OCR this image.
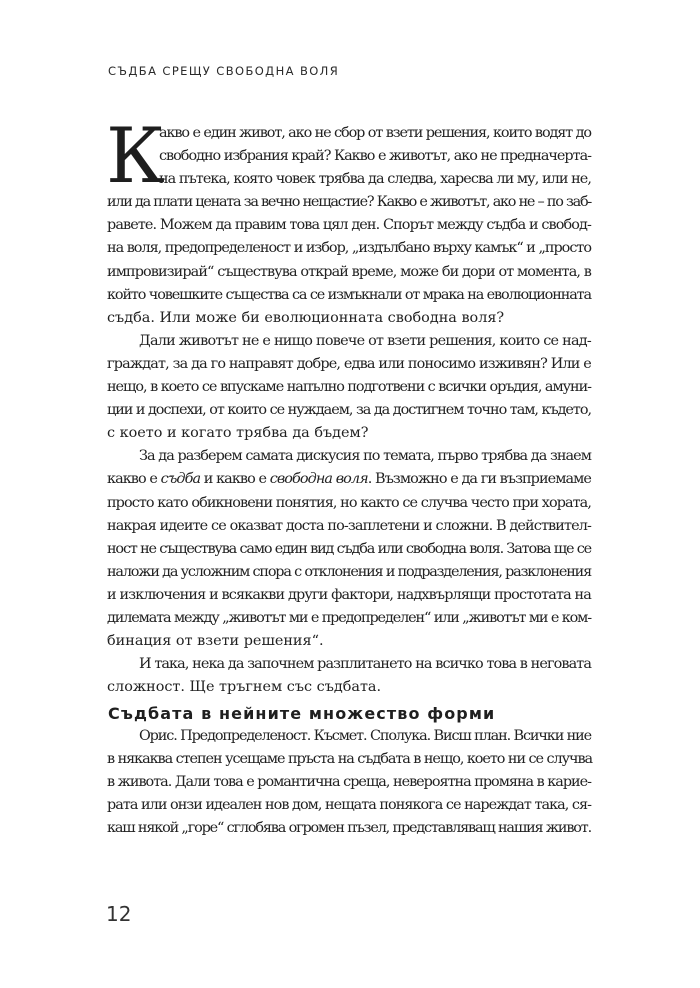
СЪДБА СРЕЩУ СВОБОДНА ВОЛЯ
К
акво е един живот, ако не сбор от взети решения, които водят до
свободно избрания край? Какво е животът, ако не предначерта-
на пътека, която човек трябва да следва, харесва ли му, или не,
или да плати цената за вечно нещастие? Какво е животът, ако не – по заб-
равете. Можем да правим това цял ден. Спорът между съдба и свобод-
на воля, предопределеност и избор, „издълбано върху камък“ и „просто
импровизирай“ съществува открай време, може би дори от момента, в
който човешките същества са се измъкнали от мрака на еволюционната
съдба. Или може би еволюционната свободна воля?
Дали животът не е нищо повече от взети решения, които се над-
граждат, за да го направят добре, едва или поносимо изживян? Или е
нещо, в което се впускаме напълно подготвени с всички оръдия, амуни-
ции и доспехи, от които се нуждаем, за да достигнем точно там, където,
с което и когато трябва да бъдем?
За да разберем самата дискусия по темата, първо трябва да знаем
какво е съдба и какво е свободна воля. Възможно е да ги възприемаме
просто като обикновени понятия, но както се случва често при хората,
накрая идеите се оказват доста по-заплетени и сложни. В действител-
ност не съществува само един вид съдба или свободна воля. Затова ще се
наложи да усложним спора с отклонения и подразделения, разклонения
и изключения и всякакви други фактори, надхвърлящи простотата на
дилемата между „животът ми е предопределен“ или „животът ми е ком-
бинация от взети решения“.
И така, нека да започнем разплитането на всичко това в неговата
сложност. Ще тръгнем със съдбата.
Съдбата в нейните множество форми
Орис. Предопределеност. Късмет. Сполука. Висш план. Всички ние
в някаква степен усещаме пръста на съдбата в нещо, което ни се случва
в живота. Дали това е романтична среща, невероятна промяна в карие-
рата или онзи идеален нов дом, нещата понякога се нареждат така, ся-
каш някой „горе“ сглобява огромен пъзел, представляващ нашия живот.
12
